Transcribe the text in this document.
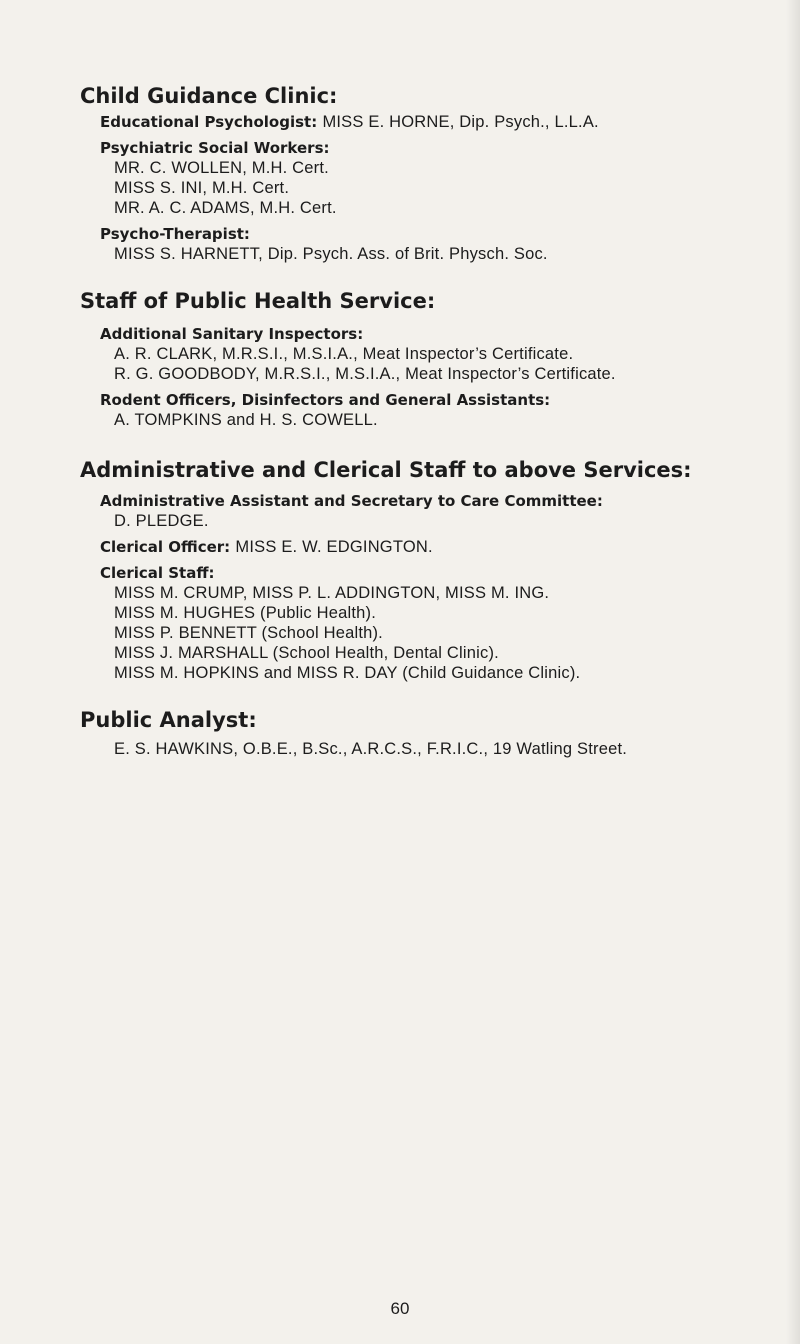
Child Guidance Clinic:
Educational Psychologist: MISS E. HORNE, Dip. Psych., L.L.A.
Psychiatric Social Workers:
MR. C. WOLLEN, M.H. Cert.
MISS S. INI, M.H. Cert.
MR. A. C. ADAMS, M.H. Cert.
Psycho-Therapist:
MISS S. HARNETT, Dip. Psych. Ass. of Brit. Physch. Soc.
Staff of Public Health Service:
Additional Sanitary Inspectors:
A. R. CLARK, M.R.S.I., M.S.I.A., Meat Inspector’s Certificate.
R. G. GOODBODY, M.R.S.I., M.S.I.A., Meat Inspector’s Certificate.
Rodent Officers, Disinfectors and General Assistants:
A. TOMPKINS and H. S. COWELL.
Administrative and Clerical Staff to above Services:
Administrative Assistant and Secretary to Care Committee:
D. PLEDGE.
Clerical Officer: MISS E. W. EDGINGTON.
Clerical Staff:
MISS M. CRUMP, MISS P. L. ADDINGTON, MISS M. ING.
MISS M. HUGHES (Public Health).
MISS P. BENNETT (School Health).
MISS J. MARSHALL (School Health, Dental Clinic).
MISS M. HOPKINS and MISS R. DAY (Child Guidance Clinic).
Public Analyst:
E. S. HAWKINS, O.B.E., B.Sc., A.R.C.S., F.R.I.C., 19 Watling Street.
60
